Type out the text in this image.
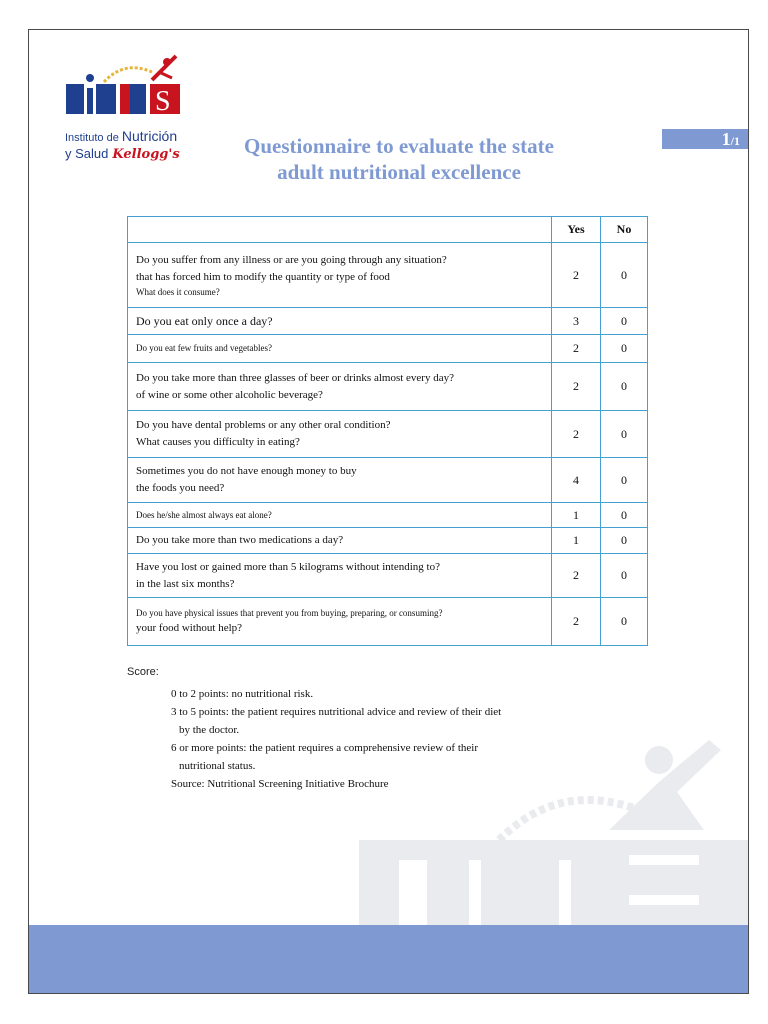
S
Instituto de Nutrición
y Salud Kellogg's	Questionnaire to evaluate the state
adult nutritional excellence
1/1
	Yes	No

Do you suffer from any illness or are you going through any situation?
that has forced him to modify the quantity or type of food
What does it consume?	2	0

Do you eat only once a day?	3	0

Do you eat few fruits and vegetables?	2	0

Do you take more than three glasses of beer or drinks almost every day?
of wine or some other alcoholic beverage?	2	0

Do you have dental problems or any other oral condition?
What causes you difficulty in eating?	2	0

Sometimes you do not have enough money to buy
the foods you need?	4	0

Does he/she almost always eat alone?	1	0

Do you take more than two medications a day?	1	0

Have you lost or gained more than 5 kilograms without intending to?
in the last six months?	2	0

Do you have physical issues that prevent you from buying, preparing, or consuming?
your food without help?	2	0
Score:
0 to 2 points: no nutritional risk.
3 to 5 points: the patient requires nutritional advice and review of their diet
by the doctor.
6 or more points: the patient requires a comprehensive review of their
nutritional status.
Source: Nutritional Screening Initiative Brochure
